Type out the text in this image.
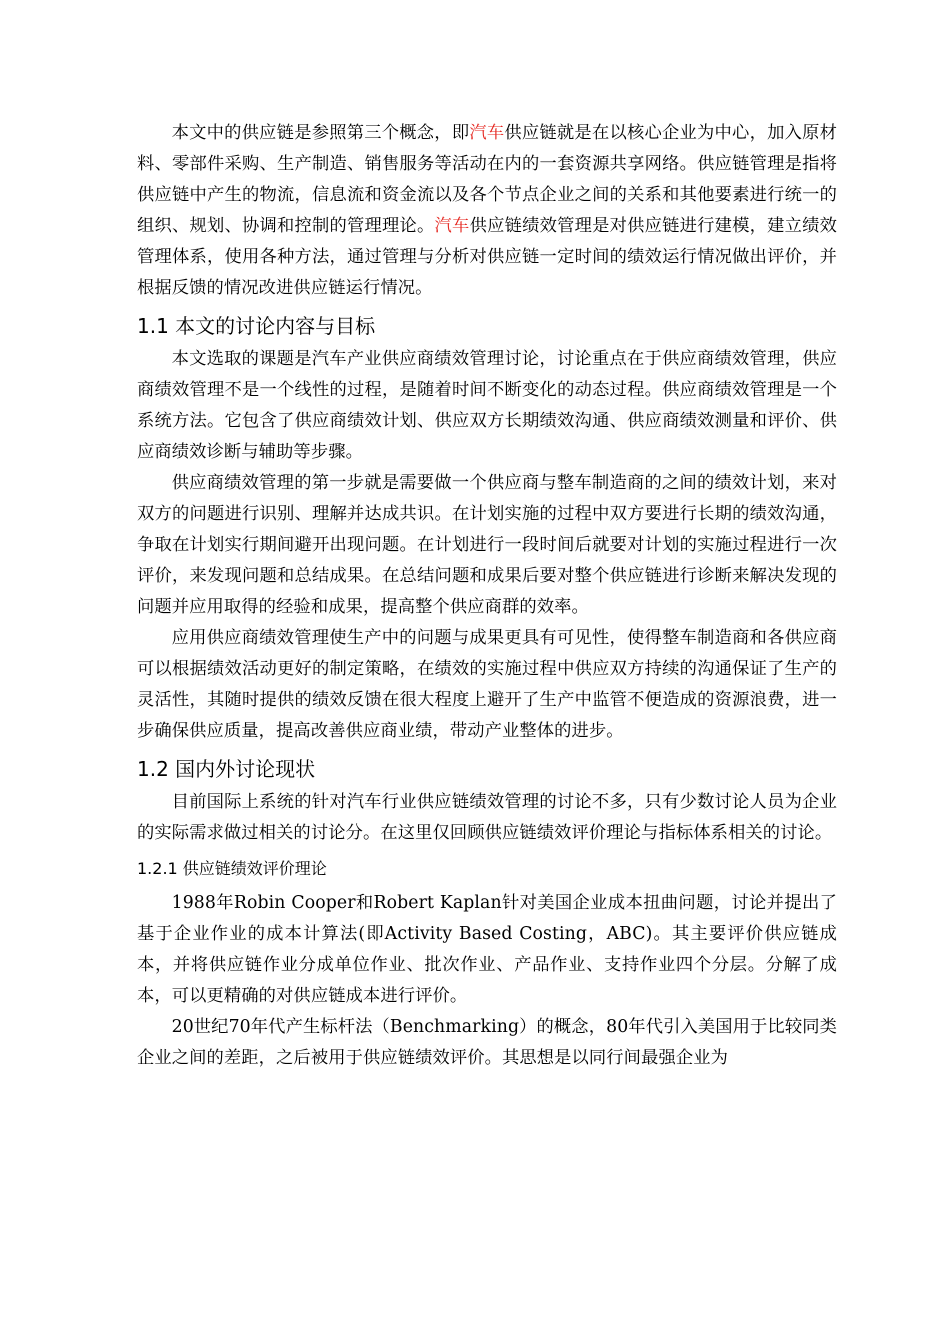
本文中的供应链是参照第三个概念，即汽车供应链就是在以核心企业为中心，加入原材料、零部件采购、生产制造、销售服务等活动在内的一套资源共享网络。供应链管理是指将供应链中产生的物流，信息流和资金流以及各个节点企业之间的关系和其他要素进行统一的组织、规划、协调和控制的管理理论。汽车供应链绩效管理是对供应链进行建模，建立绩效管理体系，使用各种方法，通过管理与分析对供应链一定时间的绩效运行情况做出评价，并根据反馈的情况改进供应链运行情况。

1.1 本文的讨论内容与目标

本文选取的课题是汽车产业供应商绩效管理讨论，讨论重点在于供应商绩效管理，供应商绩效管理不是一个线性的过程，是随着时间不断变化的动态过程。供应商绩效管理是一个系统方法。它包含了供应商绩效计划、供应双方长期绩效沟通、供应商绩效测量和评价、供应商绩效诊断与辅助等步骤。

供应商绩效管理的第一步就是需要做一个供应商与整车制造商的之间的绩效计划，来对双方的问题进行识别、理解并达成共识。在计划实施的过程中双方要进行长期的绩效沟通，争取在计划实行期间避开出现问题。在计划进行一段时间后就要对计划的实施过程进行一次评价，来发现问题和总结成果。在总结问题和成果后要对整个供应链进行诊断来解决发现的问题并应用取得的经验和成果，提高整个供应商群的效率。

应用供应商绩效管理使生产中的问题与成果更具有可见性，使得整车制造商和各供应商可以根据绩效活动更好的制定策略，在绩效的实施过程中供应双方持续的沟通保证了生产的灵活性，其随时提供的绩效反馈在很大程度上避开了生产中监管不便造成的资源浪费，进一步确保供应质量，提高改善供应商业绩，带动产业整体的进步。

1.2 国内外讨论现状

目前国际上系统的针对汽车行业供应链绩效管理的讨论不多，只有少数讨论人员为企业的实际需求做过相关的讨论分。在这里仅回顾供应链绩效评价理论与指标体系相关的讨论。

1.2.1 供应链绩效评价理论

1988年Robin Cooper和Robert Kaplan针对美国企业成本扭曲问题，讨论并提出了基于企业作业的成本计算法(即Activity Based Costing，ABC)。其主要评价供应链成本，并将供应链作业分成单位作业、批次作业、产品作业、支持作业四个分层。分解了成本，可以更精确的对供应链成本进行评价。

20世纪70年代产生标杆法（Benchmarking）的概念，80年代引入美国用于比较同类企业之间的差距，之后被用于供应链绩效评价。其思想是以同行间最强企业为
